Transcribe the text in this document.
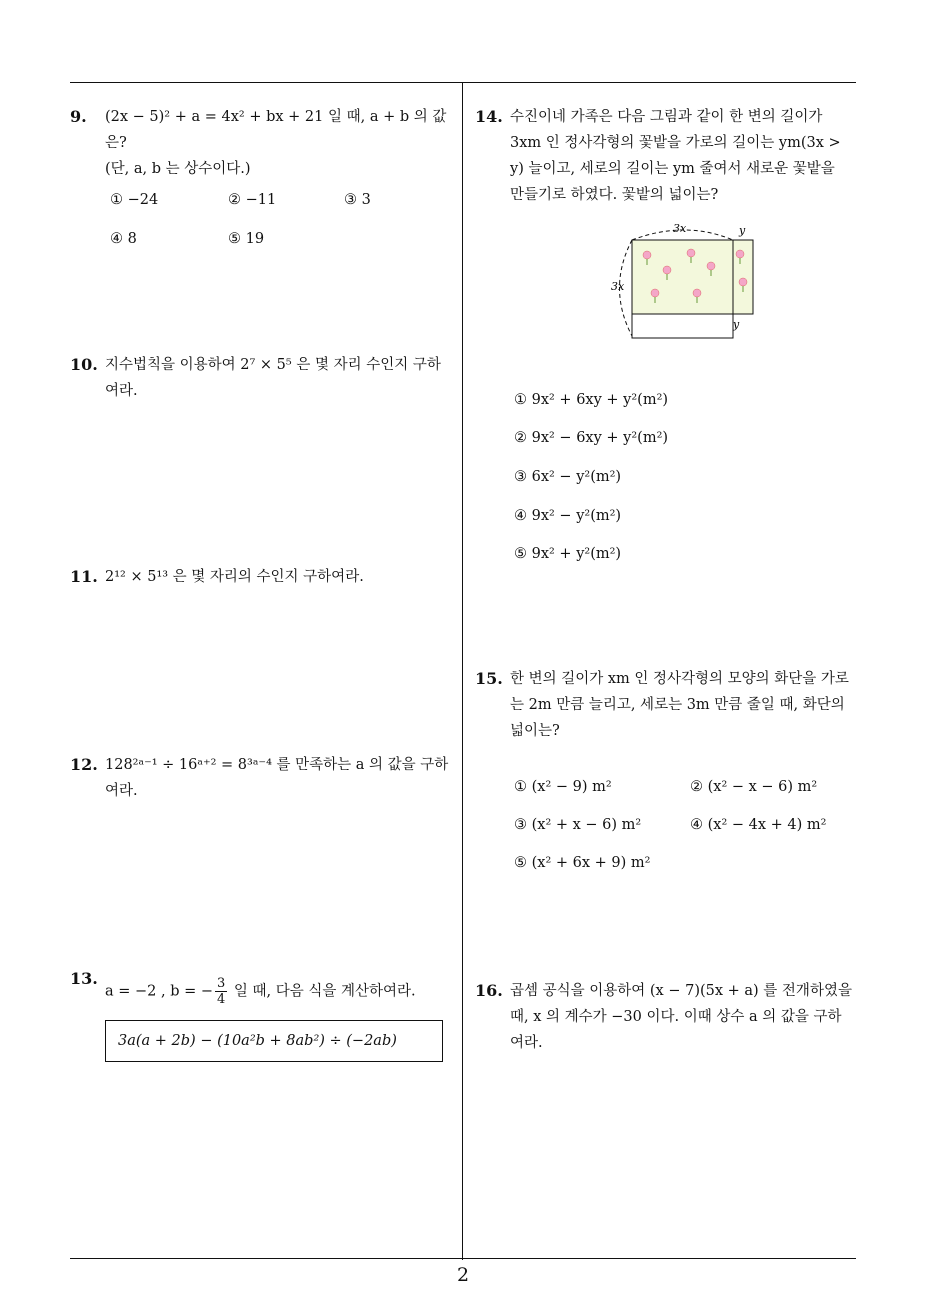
9. (2x − 5)² + a = 4x² + bx + 21 일 때, a + b 의 값은?
(단, a, b 는 상수이다.)
① −24	② −11	③ 3
④ 8	⑤ 19
10. 지수법칙을 이용하여 2⁷ × 5⁵ 은 몇 자리 수인지 구하
여라.
11. 2¹² × 5¹³ 은 몇 자리의 수인지 구하여라.
12. 128²ᵃ⁻¹ ÷ 16ᵃ⁺² = 8³ᵃ⁻⁴ 를 만족하는 a 의 값을 구하
여라.
13.
a = −2 , b = − $\frac{3}{4}$ 일 때, 다음 식을 계산하여라.
3a(a + 2b) − (10a²b + 8ab²) ÷ (−2ab)
14. 수진이네 가족은 다음 그림과 같이 한 변의 길이가
3xm 인 정사각형의 꽃밭을 가로의 길이는 ym(3x >
y) 늘이고, 세로의 길이는 ym 줄여서 새로운 꽃밭을
만들기로 하였다. 꽃밭의 넓이는?
3x
3x
y
y
① 9x² + 6xy + y²(m²)
② 9x² − 6xy + y²(m²)
③ 6x² − y²(m²)
④ 9x² − y²(m²)
⑤ 9x² + y²(m²)
15. 한 변의 길이가 xm 인 정사각형의 모양의 화단을 가로
는 2m 만큼 늘리고, 세로는 3m 만큼 줄일 때, 화단의
넓이는?
① (x² − 9) m²	② (x² − x − 6) m²
③ (x² + x − 6) m²	④ (x² − 4x + 4) m²
⑤ (x² + 6x + 9) m²
16. 곱셈 공식을 이용하여 (x − 7)(5x + a) 를 전개하였을
때, x 의 계수가 −30 이다. 이때 상수 a 의 값을 구하
여라.
2
